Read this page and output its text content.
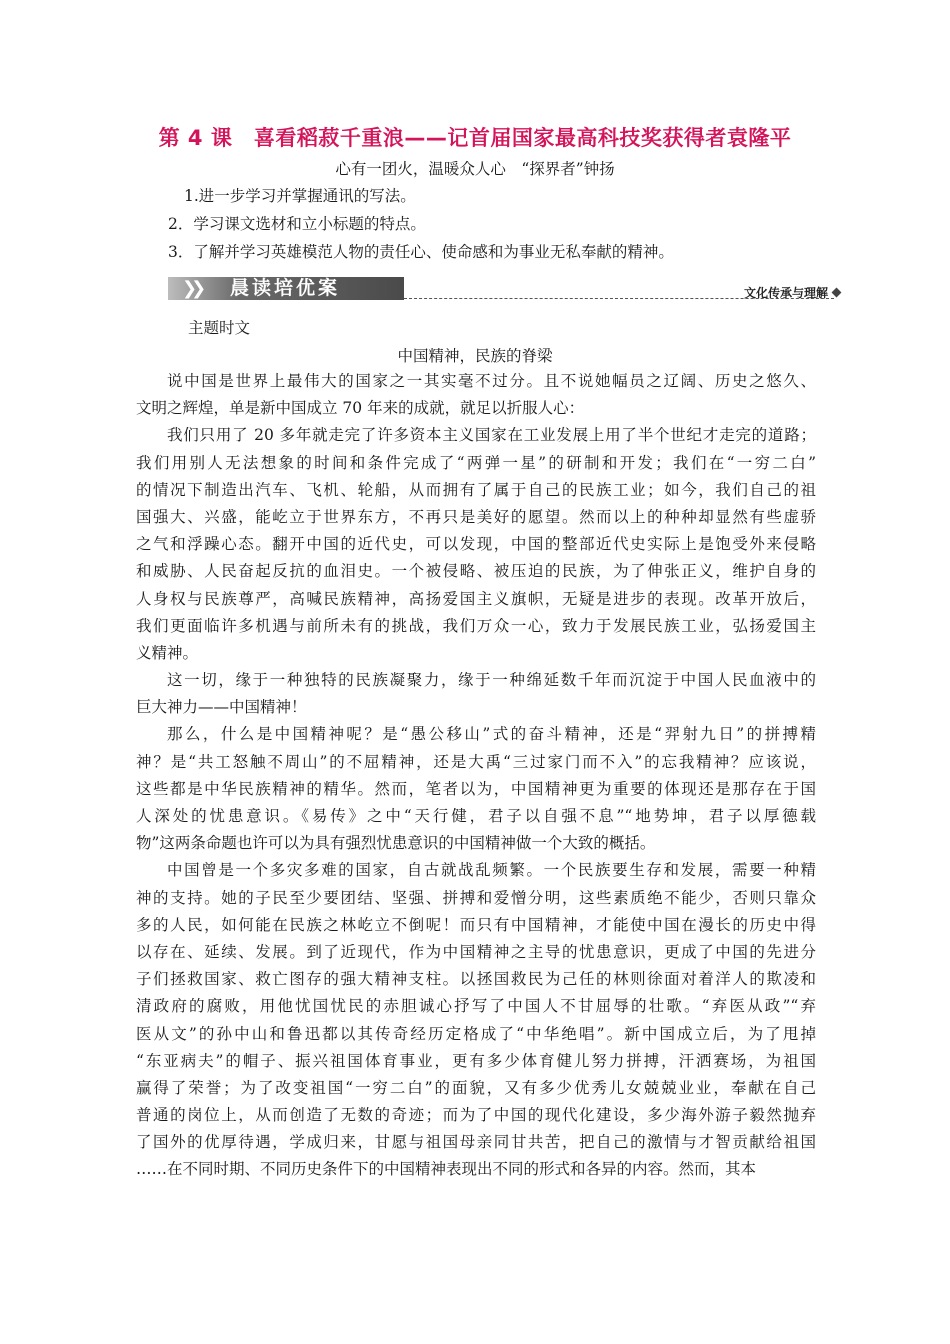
第 4 课　喜看稻菽千重浪——记首届国家最高科技奖获得者袁隆平
心有一团火，温暖众人心　“探界者”钟扬
1.进一步学习并掌握通讯的写法。
2．学习课文选材和立小标题的特点。
3．了解并学习英雄模范人物的责任心、使命感和为事业无私奉献的精神。
❯❯ 晨读培优案	文化传承与理解
主题时文
中国精神，民族的脊梁
说中国是世界上最伟大的国家之一其实毫不过分。且不说她幅员之辽阔、历史之悠久、
文明之辉煌，单是新中国成立 70 年来的成就，就足以折服人心：
我们只用了 20 多年就走完了许多资本主义国家在工业发展上用了半个世纪才走完的道路；
我们用别人无法想象的时间和条件完成了“两弹一星”的研制和开发；我们在“一穷二白”
的情况下制造出汽车、飞机、轮船，从而拥有了属于自己的民族工业；如今，我们自己的祖
国强大、兴盛，能屹立于世界东方，不再只是美好的愿望。然而以上的种种却显然有些虚骄
之气和浮躁心态。翻开中国的近代史，可以发现，中国的整部近代史实际上是饱受外来侵略
和威胁、人民奋起反抗的血泪史。一个被侵略、被压迫的民族，为了伸张正义，维护自身的
人身权与民族尊严，高喊民族精神，高扬爱国主义旗帜，无疑是进步的表现。改革开放后，
我们更面临许多机遇与前所未有的挑战，我们万众一心，致力于发展民族工业，弘扬爱国主
义精神。
这一切，缘于一种独特的民族凝聚力，缘于一种绵延数千年而沉淀于中国人民血液中的
巨大神力——中国精神！
那么，什么是中国精神呢？是“愚公移山”式的奋斗精神，还是“羿射九日”的拼搏精
神？是“共工怒触不周山”的不屈精神，还是大禹“三过家门而不入”的忘我精神？应该说，
这些都是中华民族精神的精华。然而，笔者以为，中国精神更为重要的体现还是那存在于国
人深处的忧患意识。《易传》之中“天行健，君子以自强不息”“地势坤，君子以厚德载
物”这两条命题也许可以为具有强烈忧患意识的中国精神做一个大致的概括。
中国曾是一个多灾多难的国家，自古就战乱频繁。一个民族要生存和发展，需要一种精
神的支持。她的子民至少要团结、坚强、拼搏和爱憎分明，这些素质绝不能少，否则只靠众
多的人民，如何能在民族之林屹立不倒呢！而只有中国精神，才能使中国在漫长的历史中得
以存在、延续、发展。到了近现代，作为中国精神之主导的忧患意识，更成了中国的先进分
子们拯救国家、救亡图存的强大精神支柱。以拯国救民为己任的林则徐面对着洋人的欺凌和
清政府的腐败，用他忧国忧民的赤胆诚心抒写了中国人不甘屈辱的壮歌。“弃医从政”“弃
医从文”的孙中山和鲁迅都以其传奇经历定格成了“中华绝唱”。新中国成立后，为了甩掉
“东亚病夫”的帽子、振兴祖国体育事业，更有多少体育健儿努力拼搏，汗洒赛场，为祖国
赢得了荣誉；为了改变祖国“一穷二白”的面貌，又有多少优秀儿女兢兢业业，奉献在自己
普通的岗位上，从而创造了无数的奇迹；而为了中国的现代化建设，多少海外游子毅然抛弃
了国外的优厚待遇，学成归来，甘愿与祖国母亲同甘共苦，把自己的激情与才智贡献给祖国
……在不同时期、不同历史条件下的中国精神表现出不同的形式和各异的内容。然而，其本
